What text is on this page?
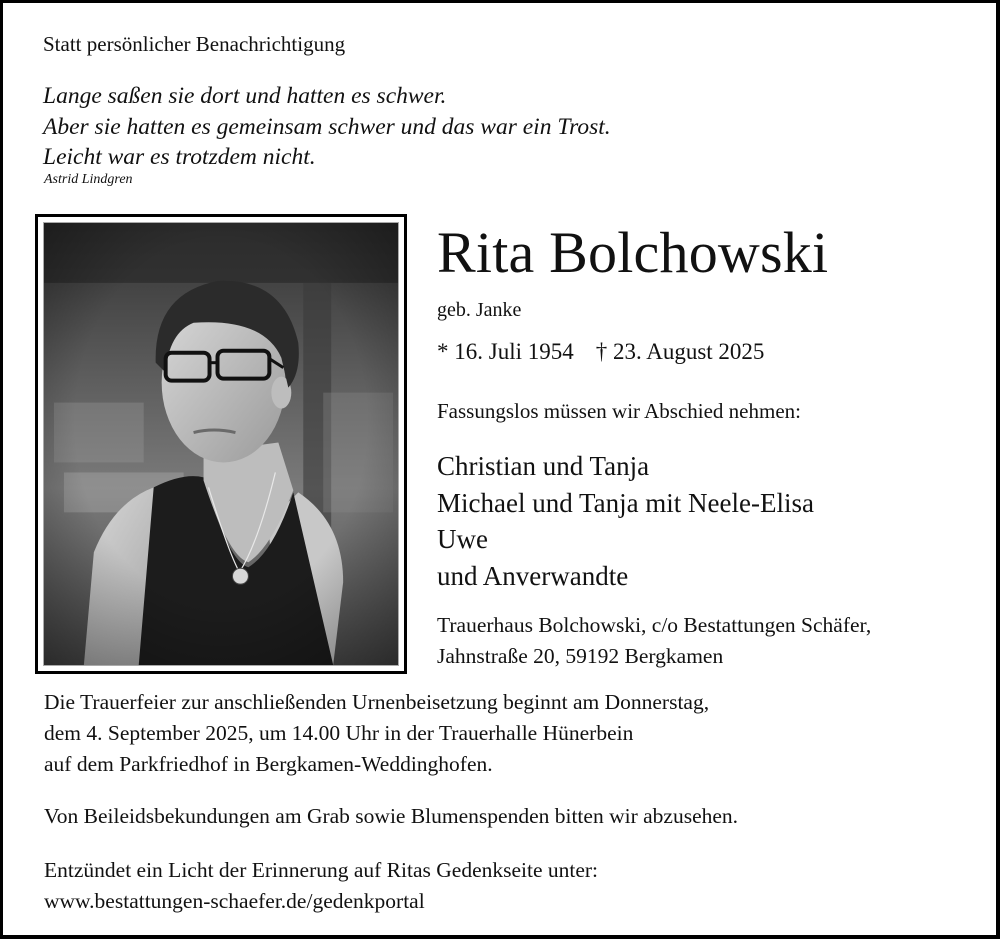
Statt persönlicher Benachrichtigung
Lange saßen sie dort und hatten es schwer.
Aber sie hatten es gemeinsam schwer und das war ein Trost.
Leicht war es trotzdem nicht.
Astrid Lindgren
Rita Bolchowski
geb. Janke
* 16. Juli 1954 † 23. August 2025
Fassungslos müssen wir Abschied nehmen:
Christian und Tanja
Michael und Tanja mit Neele-Elisa
Uwe
und Anverwandte
Trauerhaus Bolchowski, c/o Bestattungen Schäfer,
Jahnstraße 20, 59192 Bergkamen
Die Trauerfeier zur anschließenden Urnenbeisetzung beginnt am Donnerstag,
dem 4. September 2025, um 14.00 Uhr in der Trauerhalle Hünerbein
auf dem Parkfriedhof in Bergkamen-Weddinghofen.
Von Beileidsbekundungen am Grab sowie Blumenspenden bitten wir abzusehen.
Entzündet ein Licht der Erinnerung auf Ritas Gedenkseite unter:
www.bestattungen-schaefer.de/gedenkportal
